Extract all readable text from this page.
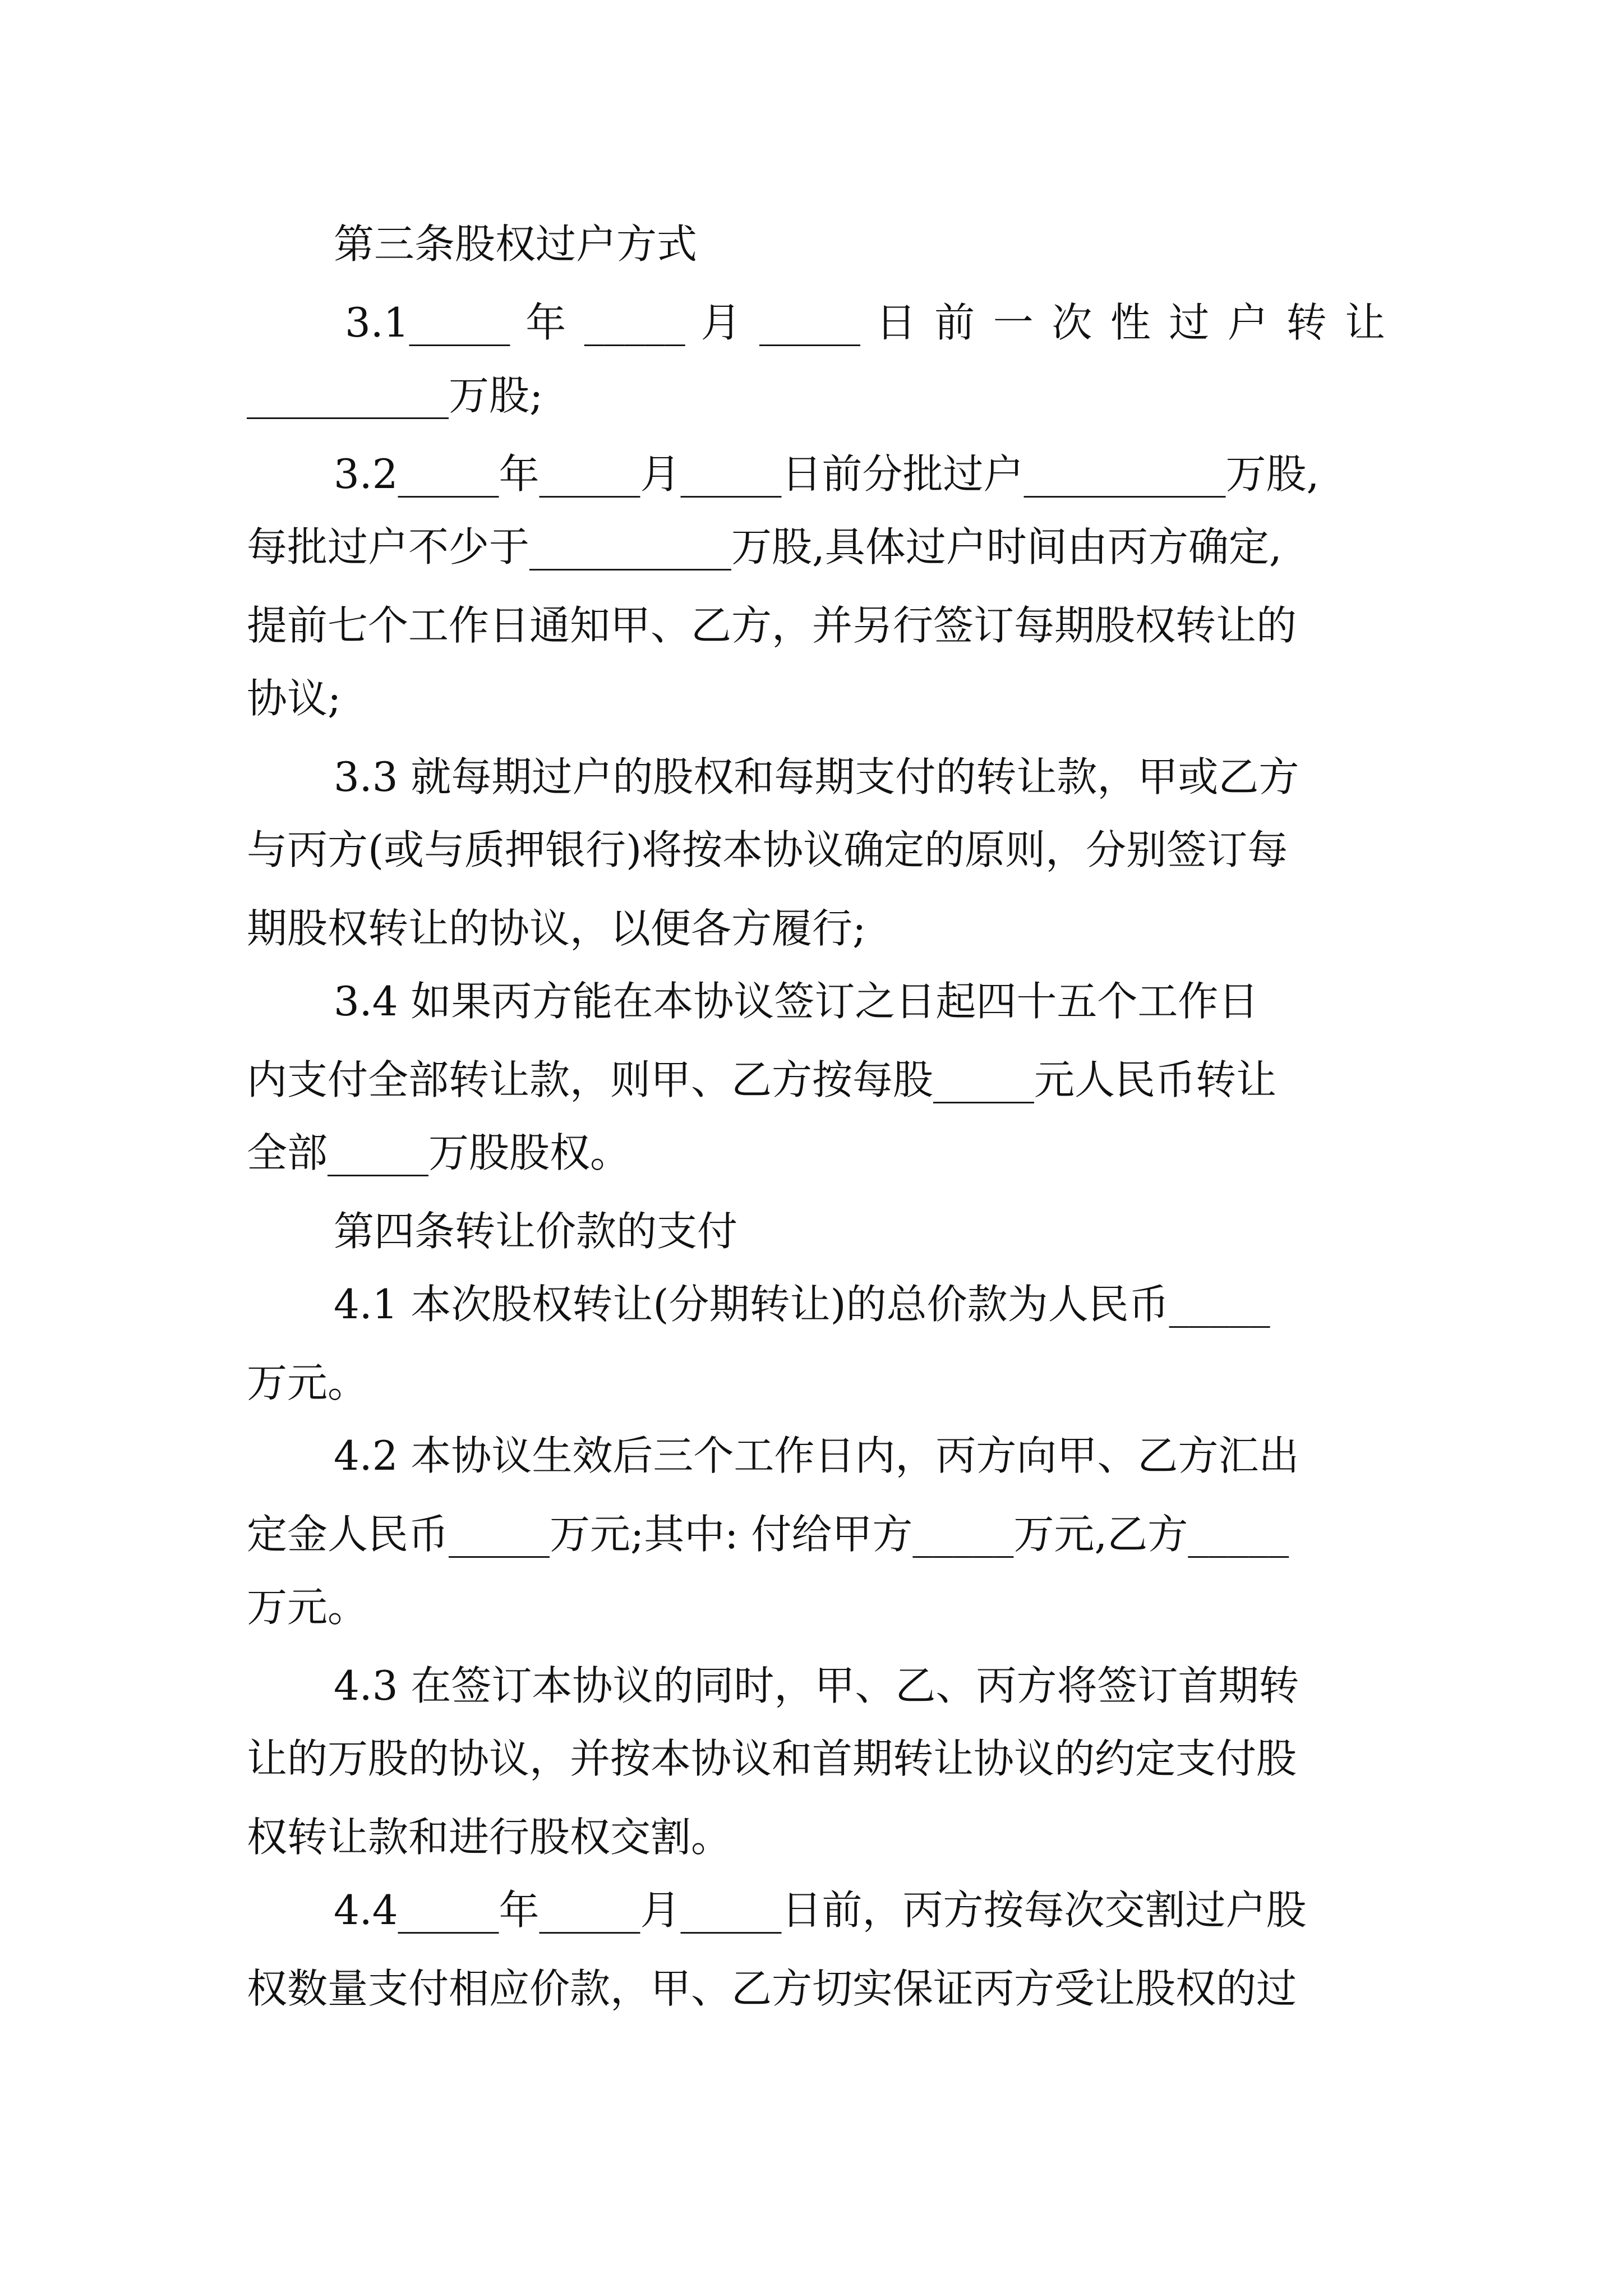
第三条股权过户方式
3.1_____ 年 _____ 月 _____ 日 前 一 次 性 过 户 转 让
__________万股;
3.2_____年_____月_____日前分批过户__________万股,
每批过户不少于__________万股,具体过户时间由丙方确定,
提前七个工作日通知甲、乙方，并另行签订每期股权转让的
协议;
3.3 就每期过户的股权和每期支付的转让款，甲或乙方
与丙方(或与质押银行)将按本协议确定的原则，分别签订每
期股权转让的协议，以便各方履行;
3.4 如果丙方能在本协议签订之日起四十五个工作日
内支付全部转让款，则甲、乙方按每股_____元人民币转让
全部_____万股股权。
第四条转让价款的支付
4.1 本次股权转让(分期转让)的总价款为人民币_____
万元。
4.2 本协议生效后三个工作日内，丙方向甲、乙方汇出
定金人民币_____万元;其中: 付给甲方_____万元,乙方_____
万元。
4.3 在签订本协议的同时，甲、乙、丙方将签订首期转
让的万股的协议，并按本协议和首期转让协议的约定支付股
权转让款和进行股权交割。
4.4_____年_____月_____日前，丙方按每次交割过户股
权数量支付相应价款，甲、乙方切实保证丙方受让股权的过
